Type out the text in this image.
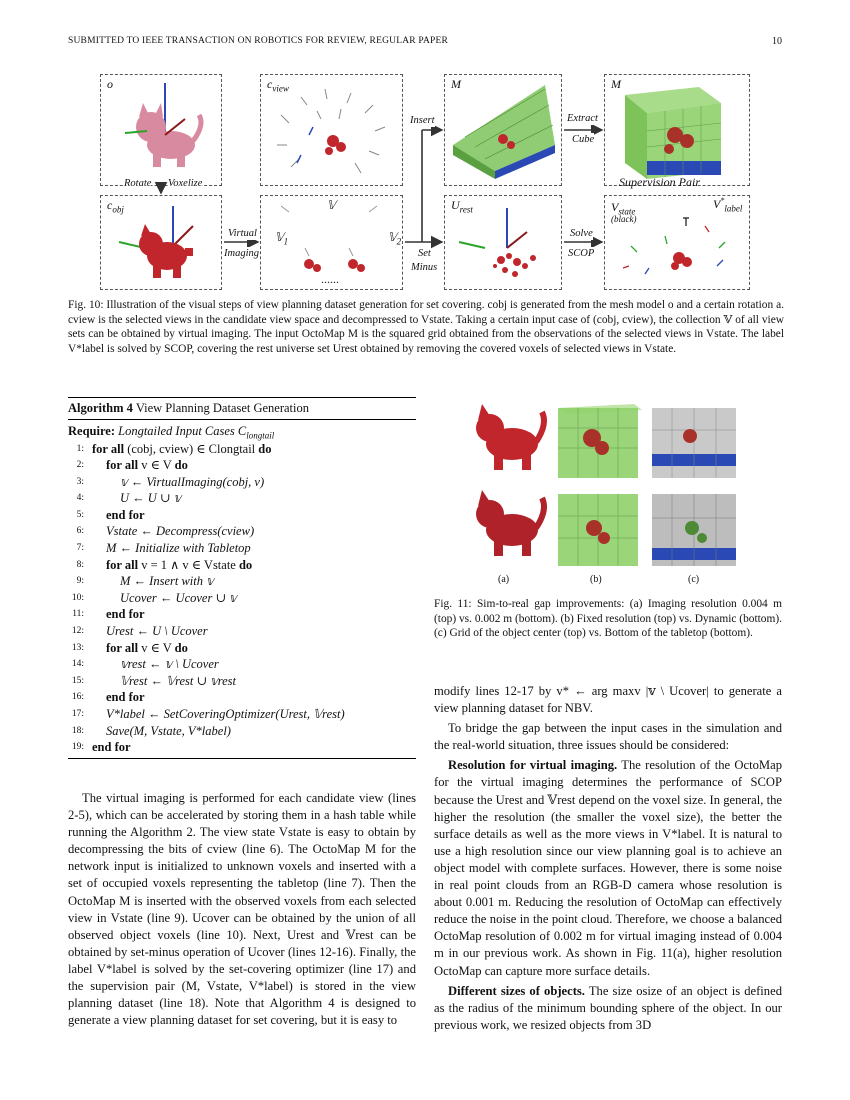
SUBMITTED TO IEEE TRANSACTION ON ROBOTICS FOR REVIEW, REGULAR PAPER	10
o	$c_{view}$	M	M
Supervision Pair
$c_{obj}$	𝕍
𝕍$_1$	𝕍$_2$
......
$U_{rest}$	$V_{state}$
$V^*_{label}$
(black)
Rotate Voxelize
Insert	Extract
Cube
Virtual
Imaging	Set
Minus
Solve
SCOP
Fig. 10: Illustration of the visual steps of view planning dataset generation for set covering. cobj is generated from the mesh model o and a certain rotation a. cview is the selected views in the candidate view space and decompressed to Vstate. Taking a certain input case of (cobj, cview), the collection 𝕍 of all view sets can be obtained by virtual imaging. The input OctoMap M is the squared grid obtained from the observations of the selected views in Vstate. The label V*label is solved by SCOP, covering the rest universe set Urest obtained by removing the covered voxels of selected views in Vstate.
Algorithm 4 View Planning Dataset Generation
Require: Longtailed Input Cases $C_{longtail}$
1: for all (cobj, cview) ∈ Clongtail do
2: for all v ∈ V do
3:	𝕧 ← VirtualImaging(cobj, v)
4:	U ← U ∪ 𝕧
5: end for
6: Vstate ← Decompress(cview)
7: M ← Initialize with Tabletop
8: for all v = 1 ∧ v ∈ Vstate do
9:	M ← Insert with 𝕧
10:	Ucover ← Ucover ∪ 𝕧
11: end for
12: Urest ← U \ Ucover
13: for all v ∈ V do
14:	𝕧rest ← 𝕧 \ Ucover
15:	𝕍rest ← 𝕍rest ∪ 𝕧rest
16: end for
17: V*label ← SetCoveringOptimizer(Urest, 𝕍rest)
18: Save(M, Vstate, V*label)
19: end for
The virtual imaging is performed for each candidate view (lines 2-5), which can be accelerated by storing them in a hash table while running the Algorithm 2. The view state Vstate is easy to obtain by decompressing the bits of cview (line 6). The OctoMap M for the network input is initialized to unknown voxels and inserted with a set of occupied voxels representing the tabletop (line 7). Then the OctoMap M is inserted with the observed voxels from each selected view in Vstate (line 9). Ucover can be obtained by the union of all observed object voxels (line 10). Next, Urest and 𝕍rest can be obtained by set-minus operation of Ucover (lines 12-16). Finally, the label V*label is solved by the set-covering optimizer (line 17) and the supervision pair (M, Vstate, V*label) is stored in the view planning dataset (line 18). Note that Algorithm 4 is designed to generate a view planning dataset for set covering, but it is easy to
(a)	(b)	(c)
Fig. 11: Sim-to-real gap improvements: (a) Imaging resolution 0.004 m (top) vs. 0.002 m (bottom). (b) Fixed resolution (top) vs. Dynamic (bottom). (c) Grid of the object center (top) vs. Bottom of the tabletop (bottom).

modify lines 12-17 by v* ← arg maxv |𝕧 \ Ucover| to generate a view planning dataset for NBV.

To bridge the gap between the input cases in the simulation and the real-world situation, three issues should be considered:

Resolution for virtual imaging. The resolution of the OctoMap for the virtual imaging determines the performance of SCOP because the Urest and 𝕍rest depend on the voxel size. In general, the higher the resolution (the smaller the voxel size), the better the surface details as well as the more views in V*label. It is natural to use a high resolution since our view planning goal is to achieve an object model with complete surfaces. However, there is some noise in real point clouds from an RGB-D camera whose resolution is about 0.001 m. Reducing the resolution of OctoMap can effectively reduce the noise in the point cloud. Therefore, we choose a balanced OctoMap resolution of 0.002 m for virtual imaging instead of 0.004 m in our previous work. As shown in Fig. 11(a), higher resolution OctoMap can capture more surface details.

Different sizes of objects. The size osize of an object is defined as the radius of the minimum bounding sphere of the object. In our previous work, we resized objects from 3D
